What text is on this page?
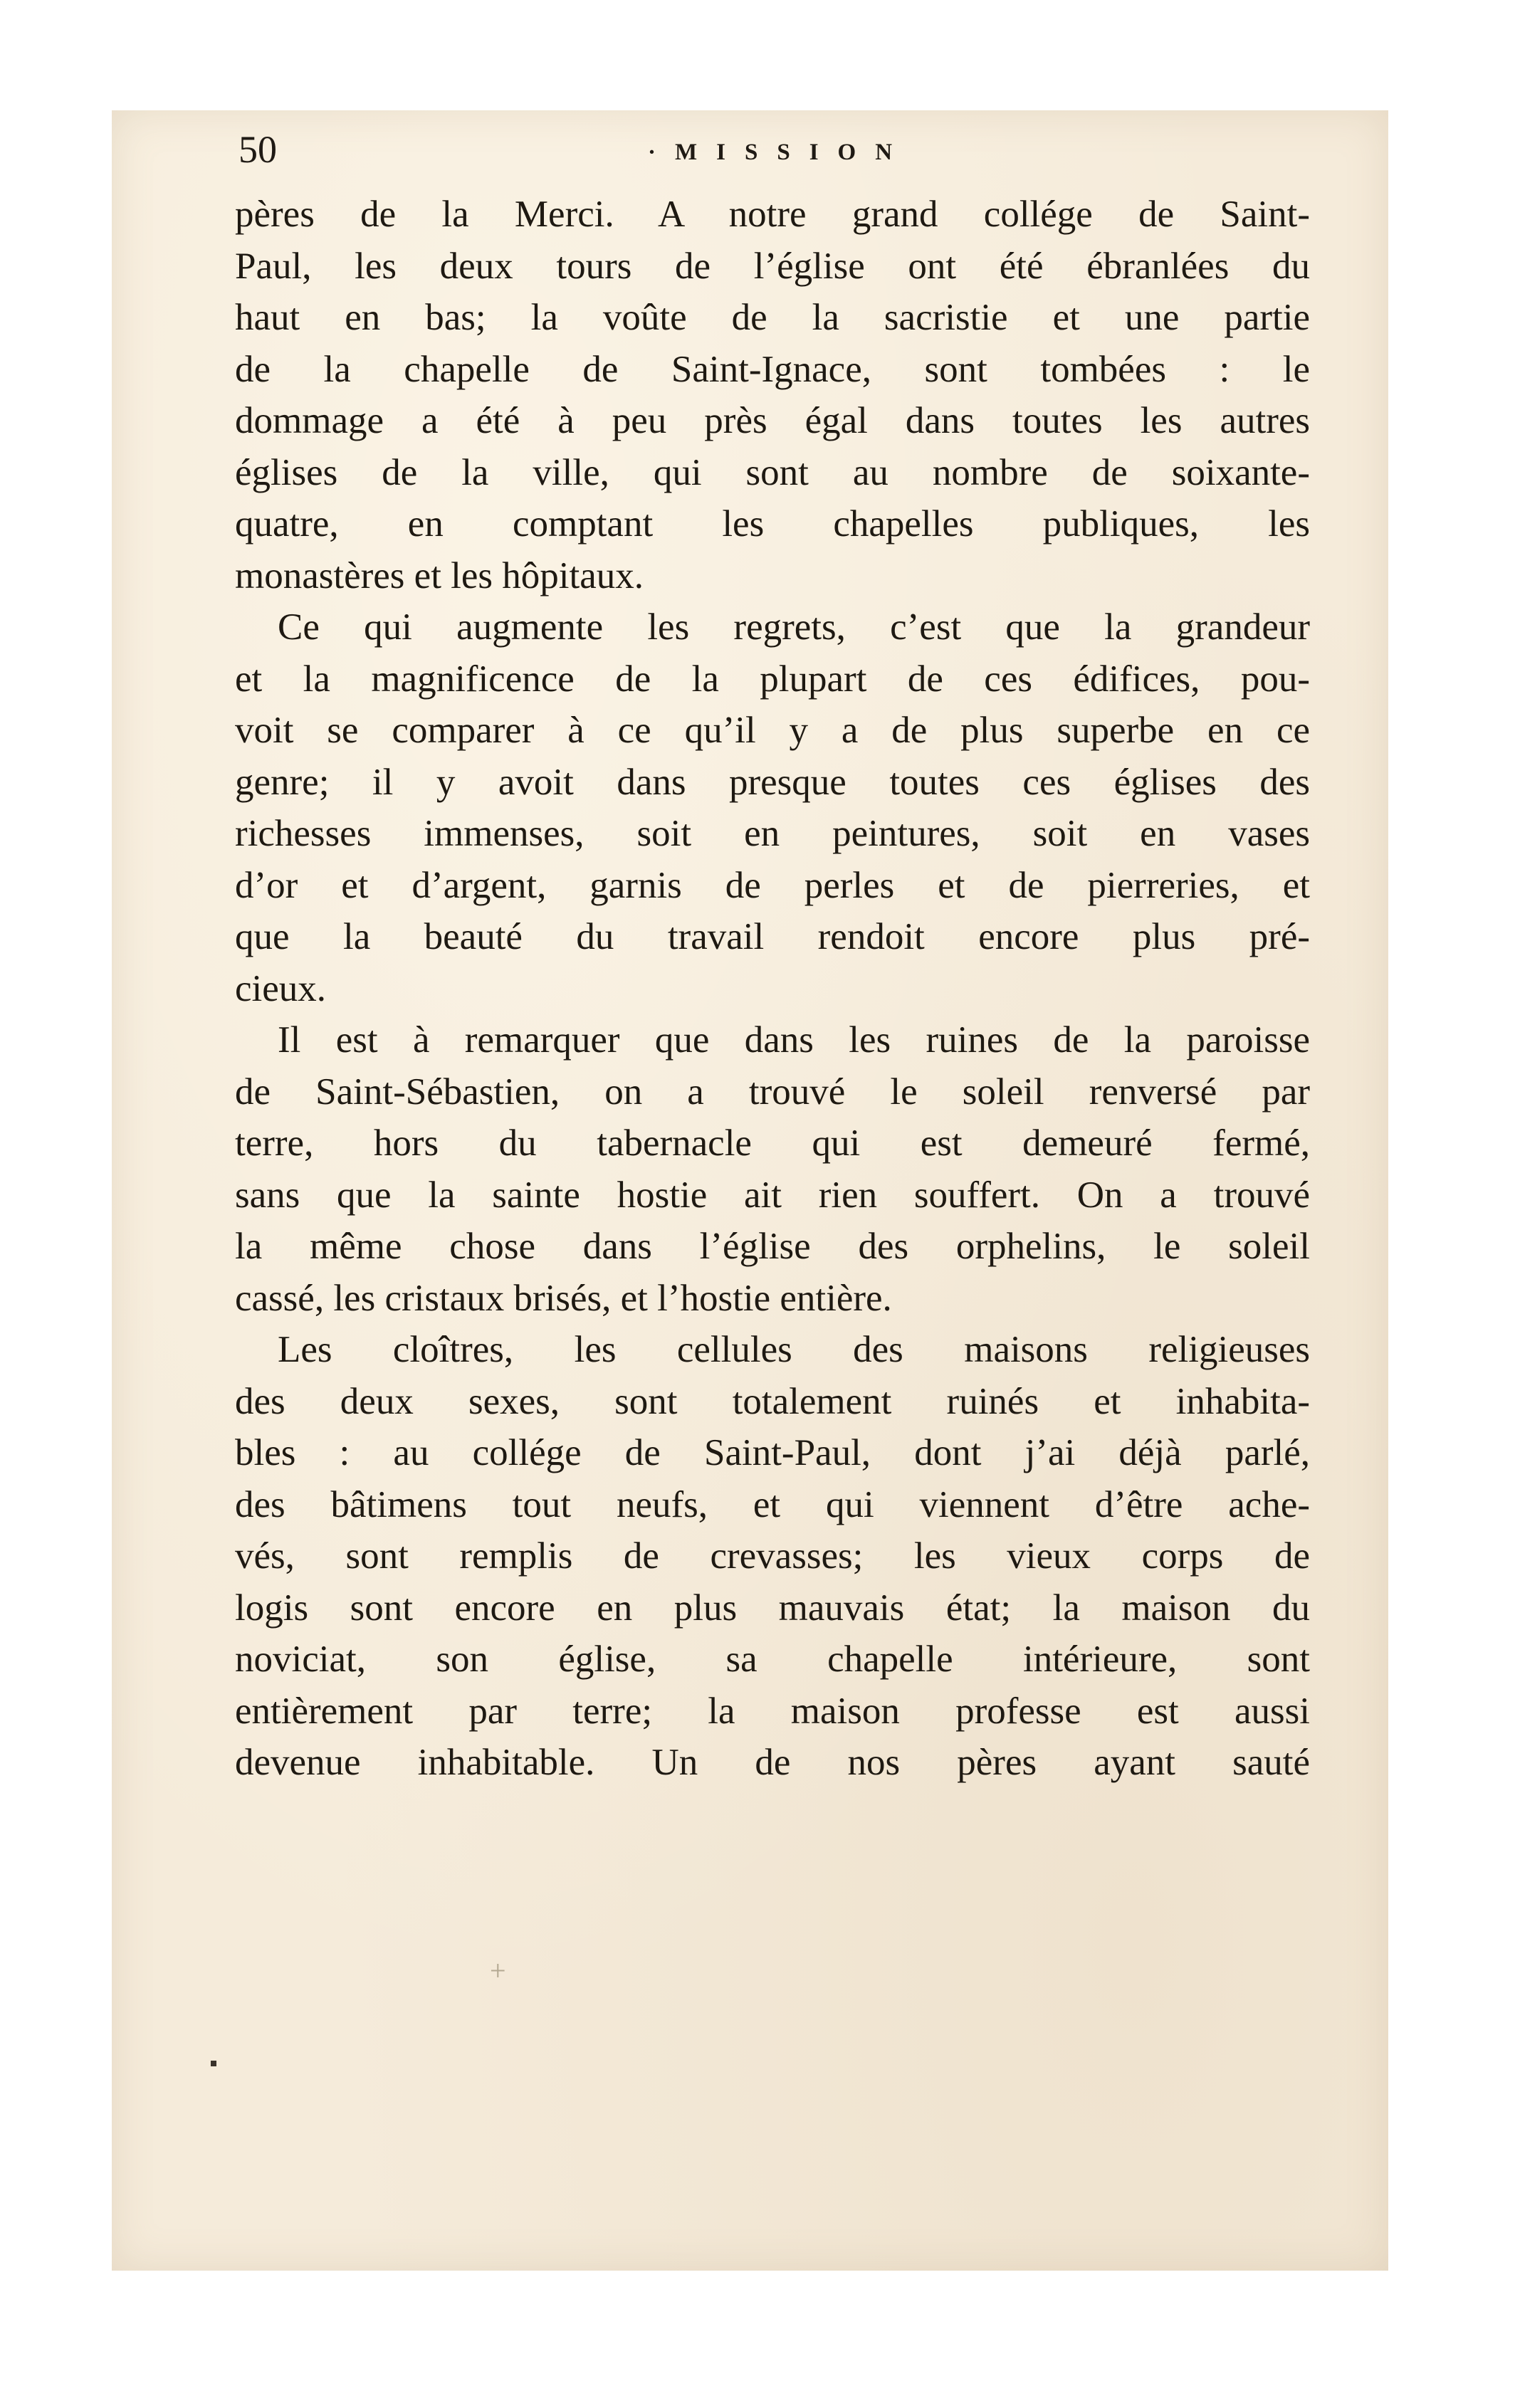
50	·MISSION
pères de la Merci. A notre grand collége de Saint-
Paul, les deux tours de l’église ont été ébranlées du
haut en bas; la voûte de la sacristie et une partie
de la chapelle de Saint-Ignace, sont tombées : le
dommage a été à peu près égal dans toutes les autres
églises de la ville, qui sont au nombre de soixante-
quatre, en comptant les chapelles publiques, les
monastères et les hôpitaux.
Ce qui augmente les regrets, c’est que la grandeur
et la magnificence de la plupart de ces édifices, pou-
voit se comparer à ce qu’il y a de plus superbe en ce
genre; il y avoit dans presque toutes ces églises des
richesses immenses, soit en peintures, soit en vases
d’or et d’argent, garnis de perles et de pierreries, et
que la beauté du travail rendoit encore plus pré-
cieux.
Il est à remarquer que dans les ruines de la paroisse
de Saint-Sébastien, on a trouvé le soleil renversé par
terre, hors du tabernacle qui est demeuré fermé,
sans que la sainte hostie ait rien souffert. On a trouvé
la même chose dans l’église des orphelins, le soleil
cassé, les cristaux brisés, et l’hostie entière.
Les cloîtres, les cellules des maisons religieuses
des deux sexes, sont totalement ruinés et inhabita-
bles : au collége de Saint-Paul, dont j’ai déjà parlé,
des bâtimens tout neufs, et qui viennent d’être ache-
vés, sont remplis de crevasses; les vieux corps de
logis sont encore en plus mauvais état; la maison du
noviciat, son église, sa chapelle intérieure, sont
entièrement par terre; la maison professe est aussi
devenue inhabitable. Un de nos pères ayant sauté
+
